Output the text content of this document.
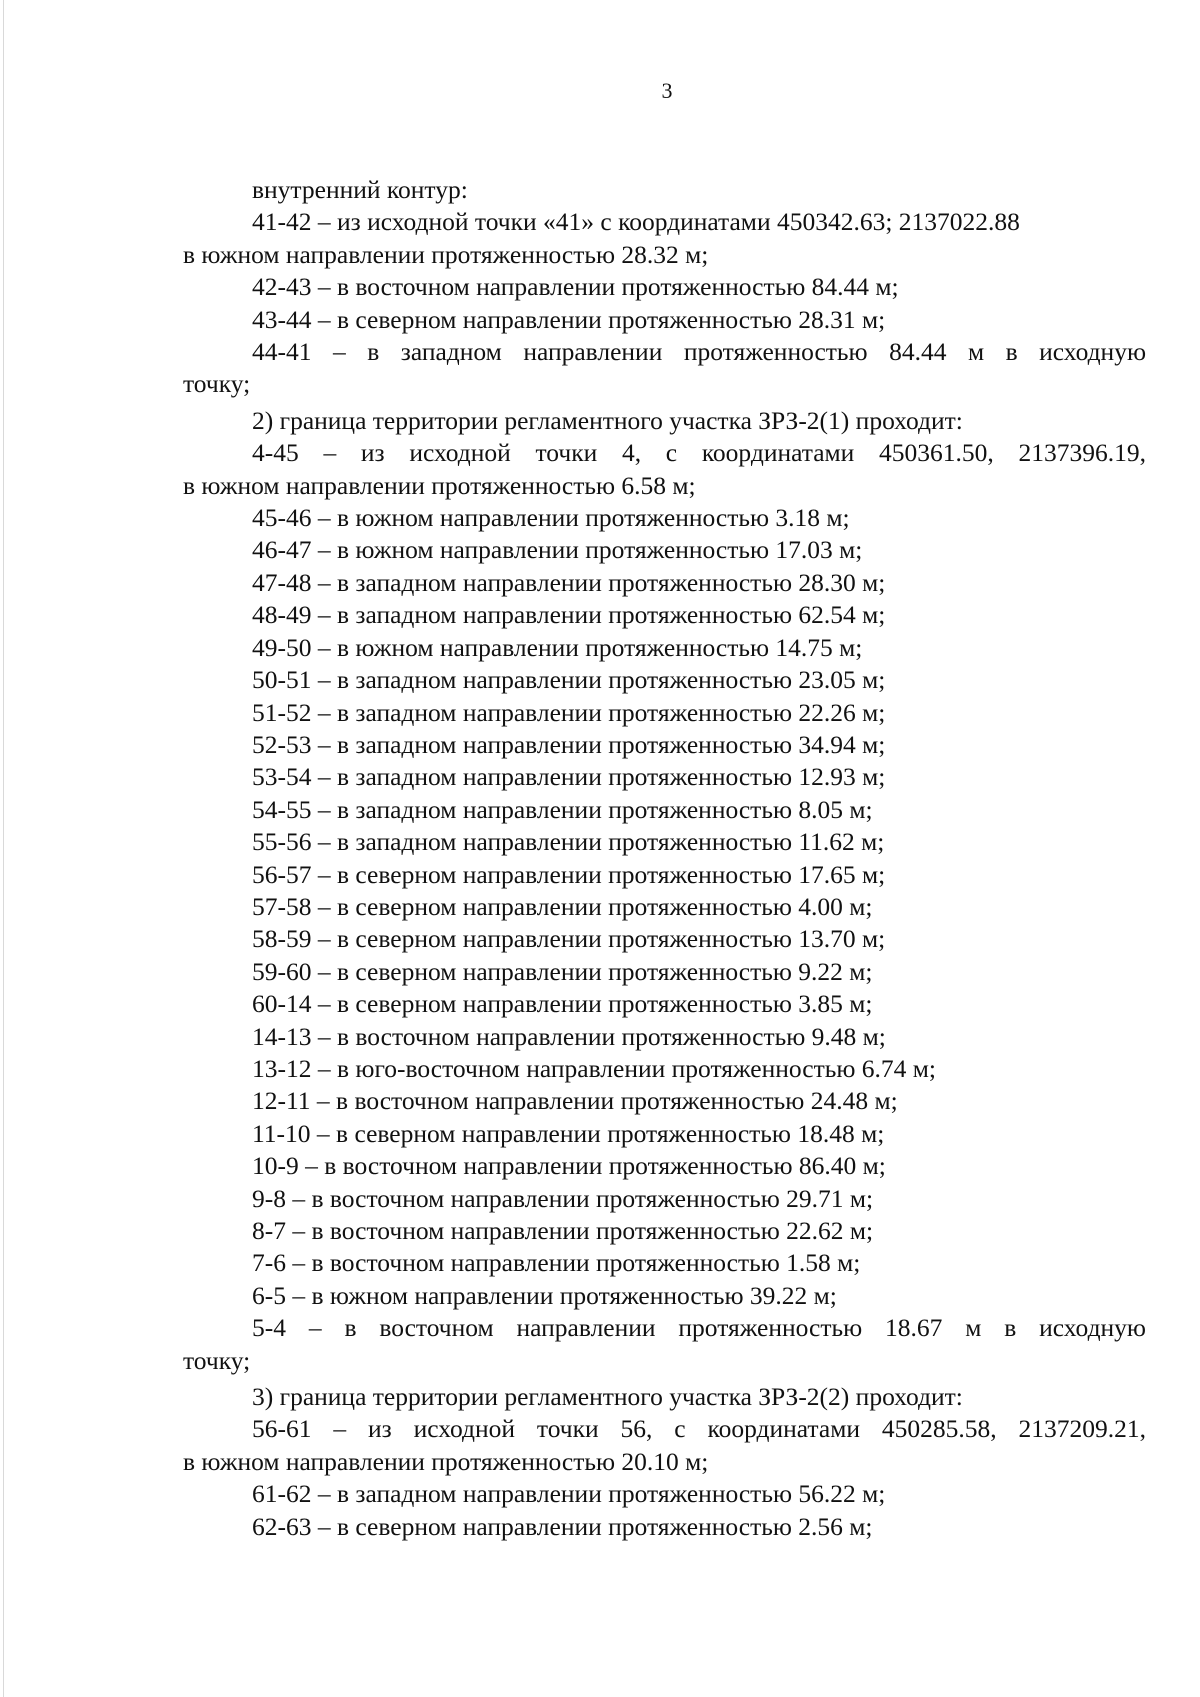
3
внутренний контур:
41-42 – из исходной точки «41» с координатами 450342.63; 2137022.88
в южном направлении протяженностью 28.32 м;
42-43 – в восточном направлении протяженностью 84.44 м;
43-44 – в северном направлении протяженностью 28.31 м;
44-41 – в западном направлении протяженностью 84.44 м в исходную
точку;
2) граница территории регламентного участка ЗРЗ-2(1) проходит:
4-45 – из исходной точки 4, с координатами 450361.50, 2137396.19,
в южном направлении протяженностью 6.58 м;
45-46 – в южном направлении протяженностью 3.18 м;
46-47 – в южном направлении протяженностью 17.03 м;
47-48 – в западном направлении протяженностью 28.30 м;
48-49 – в западном направлении протяженностью 62.54 м;
49-50 – в южном направлении протяженностью 14.75 м;
50-51 – в западном направлении протяженностью 23.05 м;
51-52 – в западном направлении протяженностью 22.26 м;
52-53 – в западном направлении протяженностью 34.94 м;
53-54 – в западном направлении протяженностью 12.93 м;
54-55 – в западном направлении протяженностью 8.05 м;
55-56 – в западном направлении протяженностью 11.62 м;
56-57 – в северном направлении протяженностью 17.65 м;
57-58 – в северном направлении протяженностью 4.00 м;
58-59 – в северном направлении протяженностью 13.70 м;
59-60 – в северном направлении протяженностью 9.22 м;
60-14 – в северном направлении протяженностью 3.85 м;
14-13 – в восточном направлении протяженностью 9.48 м;
13-12 – в юго-восточном направлении протяженностью 6.74 м;
12-11 – в восточном направлении протяженностью 24.48 м;
11-10 – в северном направлении протяженностью 18.48 м;
10-9 – в восточном направлении протяженностью 86.40 м;
9-8 – в восточном направлении протяженностью 29.71 м;
8-7 – в восточном направлении протяженностью 22.62 м;
7-6 – в восточном направлении протяженностью 1.58 м;
6-5 – в южном направлении протяженностью 39.22 м;
5-4 – в восточном направлении протяженностью 18.67 м в исходную
точку;
3) граница территории регламентного участка ЗРЗ-2(2) проходит:
56-61 – из исходной точки 56, с координатами 450285.58, 2137209.21,
в южном направлении протяженностью 20.10 м;
61-62 – в западном направлении протяженностью 56.22 м;
62-63 – в северном направлении протяженностью 2.56 м;
